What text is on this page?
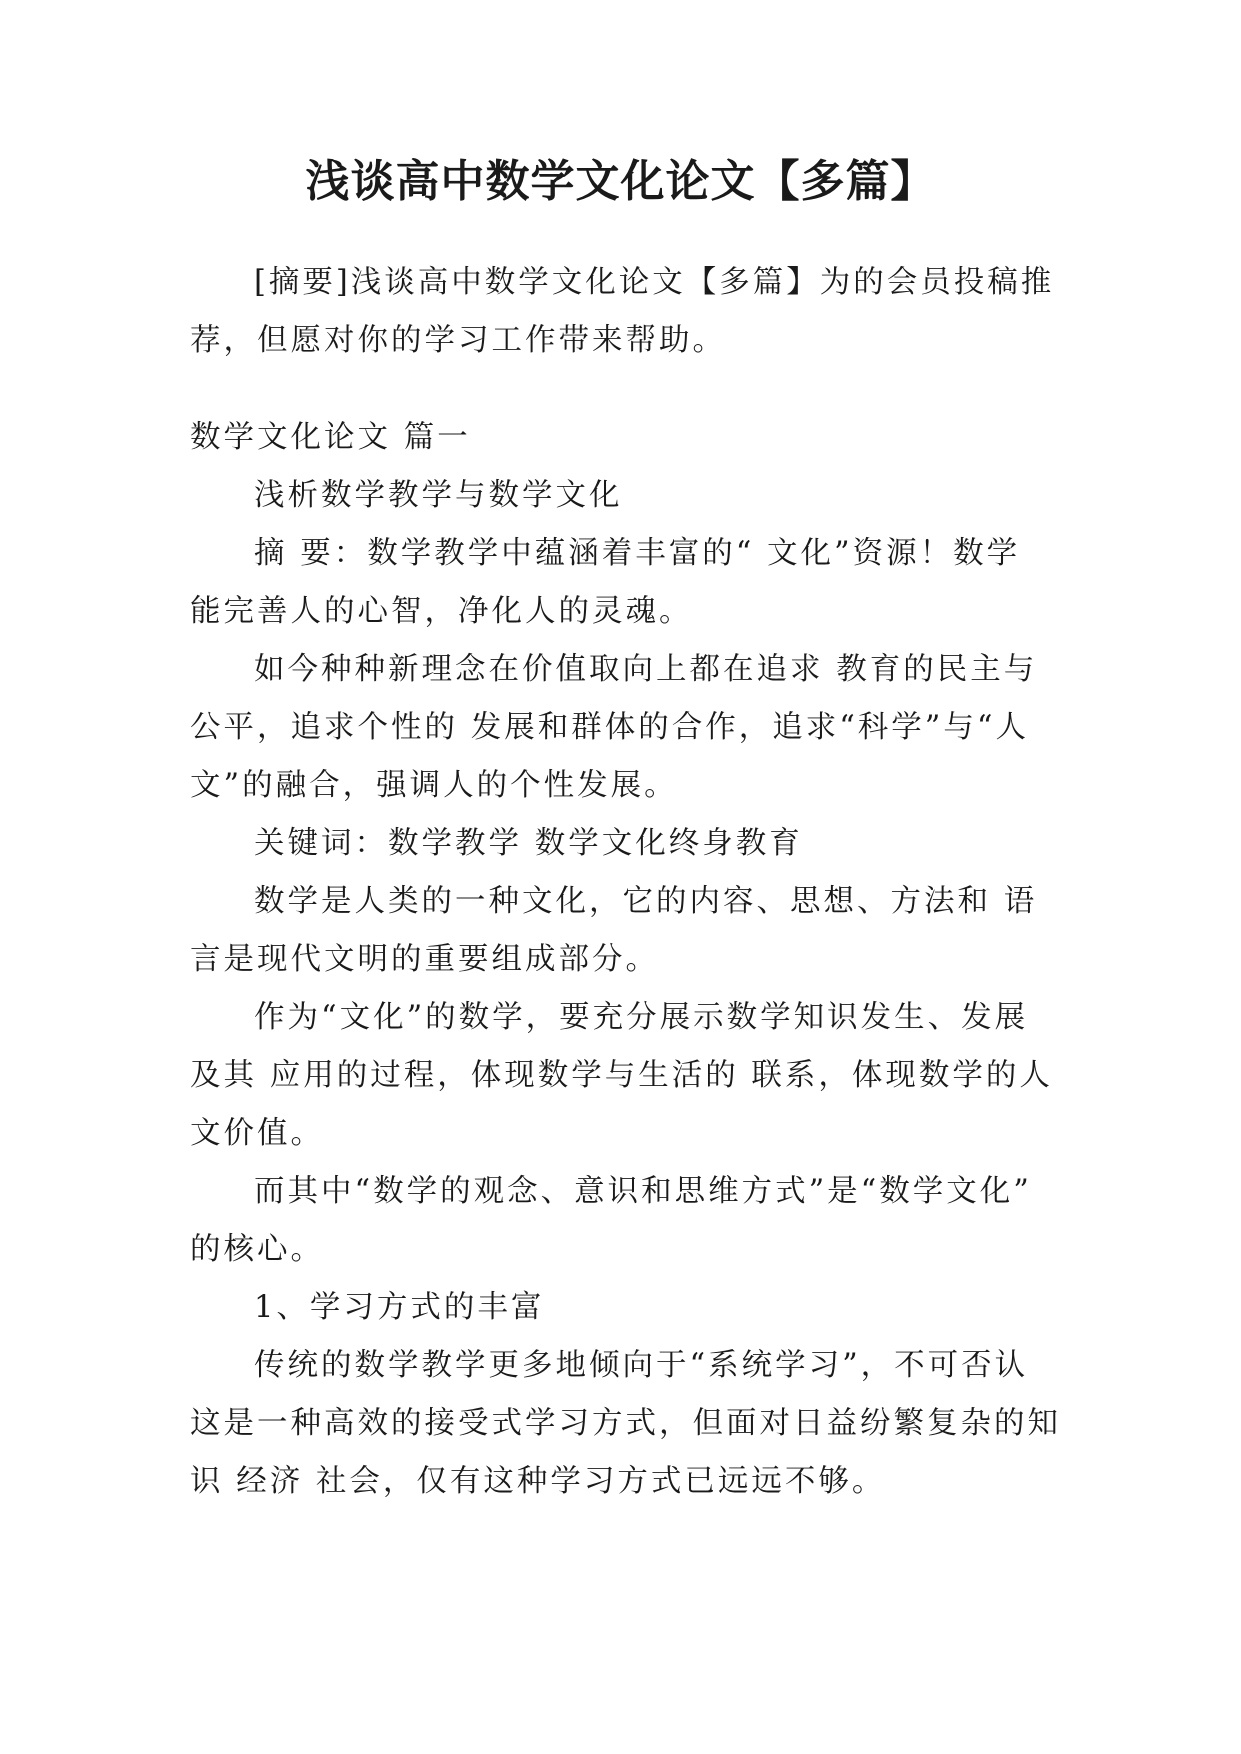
浅谈高中数学文化论文【多篇】
[摘要]浅谈高中数学文化论文【多篇】为的会员投稿推
荐，但愿对你的学习工作带来帮助。
数学文化论文 篇一
浅析数学教学与数学文化
摘 要：数学教学中蕴涵着丰富的“ 文化”资源！数学
能完善人的心智，净化人的灵魂。
如今种种新理念在价值取向上都在追求 教育的民主与
公平，追求个性的 发展和群体的合作，追求“科学”与“人
文”的融合，强调人的个性发展。
关键词：数学教学 数学文化终身教育
数学是人类的一种文化，它的内容、思想、方法和 语
言是现代文明的重要组成部分。
作为“文化”的数学，要充分展示数学知识发生、发展
及其 应用的过程，体现数学与生活的 联系，体现数学的人
文价值。
而其中“数学的观念、意识和思维方式”是“数学文化”
的核心。
1、学习方式的丰富
传统的数学教学更多地倾向于“系统学习”，不可否认
这是一种高效的接受式学习方式，但面对日益纷繁复杂的知
识 经济 社会，仅有这种学习方式已远远不够。
